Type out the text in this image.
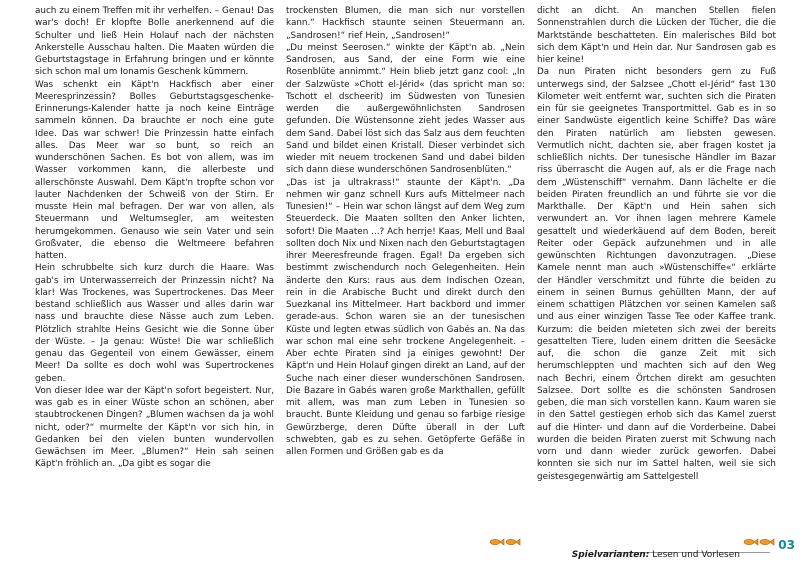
auch zu einem Treffen mit ihr verhelfen. – Genau! Das war's doch! Er klopfte Bolle anerkennend auf die Schulter und ließ Hein Holauf nach der nächsten Ankerstelle Ausschau halten. Die Maaten würden die Geburtstagstage in Erfahrung bringen und er könnte sich schon mal um Ionamis Geschenk kümmern.

Was schenkt ein Käpt'n Hackfisch aber einer Meeresprinzessin? Bolles Geburtstagsgeschenke-Erinnerungs-Kalender hatte ja noch keine Einträge sammeln können. Da brauchte er noch eine gute Idee. Das war schwer! Die Prinzessin hatte einfach alles. Das Meer war so bunt, so reich an wunderschönen Sachen. Es bot von allem, was im Wasser vorkommen kann, die allerbeste und allerschönste Auswahl. Dem Käpt'n tropfte schon vor lauter Nachdenken der Schweiß von der Stirn. Er musste Hein mal befragen. Der war von allen, als Steuermann und Weltumsegler, am weitesten herumgekommen. Genauso wie sein Vater und sein Großvater, die ebenso die Weltmeere befahren hatten.

Hein schrubbelte sich kurz durch die Haare. Was gab's im Unterwasserreich der Prinzessin nicht? Na klar! Was Trockenes, was Supertrockenes. Das Meer bestand schließlich aus Wasser und alles darin war nass und brauchte diese Nässe auch zum Leben. Plötzlich strahlte Heins Gesicht wie die Sonne über der Wüste. – Ja genau: Wüste! Die war schließlich genau das Gegenteil von einem Gewässer, einem Meer! Da sollte es doch wohl was Supertrockenes geben.

Von dieser Idee war der Käpt'n sofort begeistert. Nur, was gab es in einer Wüste schon an schönen, aber staubtrockenen Dingen? „Blumen wachsen da ja wohl nicht, oder?“ murmelte der Käpt'n vor sich hin, in Gedanken bei den vielen bunten wundervollen Gewächsen im Meer. „Blumen?“ Hein sah seinen Käpt'n fröhlich an. „Da gibt es sogar die

trockensten Blumen, die man sich nur vorstellen kann.“ Hackfisch staunte seinen Steuermann an. „Sandrosen!“ rief Hein, „Sandrosen!“

„Du meinst Seerosen.“ winkte der Käpt'n ab. „Nein Sandrosen, aus Sand, der eine Form wie eine Rosenblüte annimmt.“ Hein blieb jetzt ganz cool: „In der Salzwüste »Chott el-Jérid« (das spricht man so: Tschott el dscheerit) im Südwesten von Tunesien werden die außergewöhnlichsten Sandrosen gefunden. Die Wüstensonne zieht jedes Wasser aus dem Sand. Dabei löst sich das Salz aus dem feuchten Sand und bildet einen Kristall. Dieser verbindet sich wieder mit neuem trockenen Sand und dabei bilden sich dann diese wunderschönen Sandrosenblüten.“

„Das ist ja ultrakrass!“ staunte der Käpt'n. „Da nehmen wir ganz schnell Kurs aufs Mittelmeer nach Tunesien!“ – Hein war schon längst auf dem Weg zum Steuerdeck. Die Maaten sollten den Anker lichten, sofort! Die Maaten ...? Ach herrje! Kaas, Mell und Baal sollten doch Nix und Nixen nach den Geburtstagtagen ihrer Meeresfreunde fragen. Egal! Da ergeben sich bestimmt zwischendurch noch Gelegenheiten. Hein änderte den Kurs: raus aus dem Indischen Ozean, rein in die Arabische Bucht und direkt durch den Suezkanal ins Mittelmeer. Hart backbord und immer gerade-aus. Schon waren sie an der tunesischen Küste und legten etwas südlich von Gabés an. Na das war schon mal eine sehr trockene Angelegenheit. – Aber echte Piraten sind ja einiges gewohnt! Der Käpt'n und Hein Holauf gingen direkt an Land, auf der Suche nach einer dieser wunderschönen Sandrosen. Die Bazare in Gabés waren große Markthallen, gefüllt mit allem, was man zum Leben in Tunesien so braucht. Bunte Kleidung und genau so farbige riesige Gewürzberge, deren Düfte überall in der Luft schwebten, gab es zu sehen. Getöpferte Gefäße in allen Formen und Größen gab es da

dicht an dicht. An manchen Stellen fielen Sonnenstrahlen durch die Lücken der Tücher, die die Marktstände beschatteten. Ein malerisches Bild bot sich dem Käpt'n und Hein dar. Nur Sandrosen gab es hier keine!

Da nun Piraten nicht besonders gern zu Fuß unterwegs sind, der Salzsee „Chott el-Jérid“ fast 130 Kilometer weit entfernt war, suchten sich die Piraten ein für sie geeignetes Transportmittel. Gab es in so einer Sandwüste eigentlich keine Schiffe? Das wäre den Piraten natürlich am liebsten gewesen. Vermutlich nicht, dachten sie, aber fragen kostet ja schließlich nichts. Der tunesische Händler im Bazar riss überrascht die Augen auf, als er die Frage nach dem „Wüstenschiff“ vernahm. Dann lächelte er die beiden Piraten freundlich an und führte sie vor die Markthalle. Der Käpt'n und Hein sahen sich verwundert an. Vor ihnen lagen mehrere Kamele gesattelt und wiederkäuend auf dem Boden, bereit Reiter oder Gepäck aufzunehmen und in alle gewünschten Richtungen davonzutragen. „Diese Kamele nennt man auch »Wüstenschiffe«“ erklärte der Händler verschmitzt und führte die beiden zu einem in seinen Burnus gehüllten Mann, der auf einem schattigen Plätzchen vor seinen Kamelen saß und aus einer winzigen Tasse Tee oder Kaffee trank. Kurzum: die beiden mieteten sich zwei der bereits gesattelten Tiere, luden einem dritten die Seesäcke auf, die schon die ganze Zeit mit sich herumschleppten und machten sich auf den Weg nach Bechri, einem Örtchen direkt am gesuchten Salzsee. Dort sollte es die schönsten Sandrosen geben, die man sich vorstellen kann. Kaum waren sie in den Sattel gestiegen erhob sich das Kamel zuerst auf die Hinter- und dann auf die Vorderbeine. Dabei wurden die beiden Piraten zuerst mit Schwung nach vorn und dann wieder zurück geworfen. Dabei konnten sie sich nur im Sattel halten, weil sie sich geistesgegenwärtig am Sattelgestell

Spielvarianten: Lesen und Vorlesen
03
